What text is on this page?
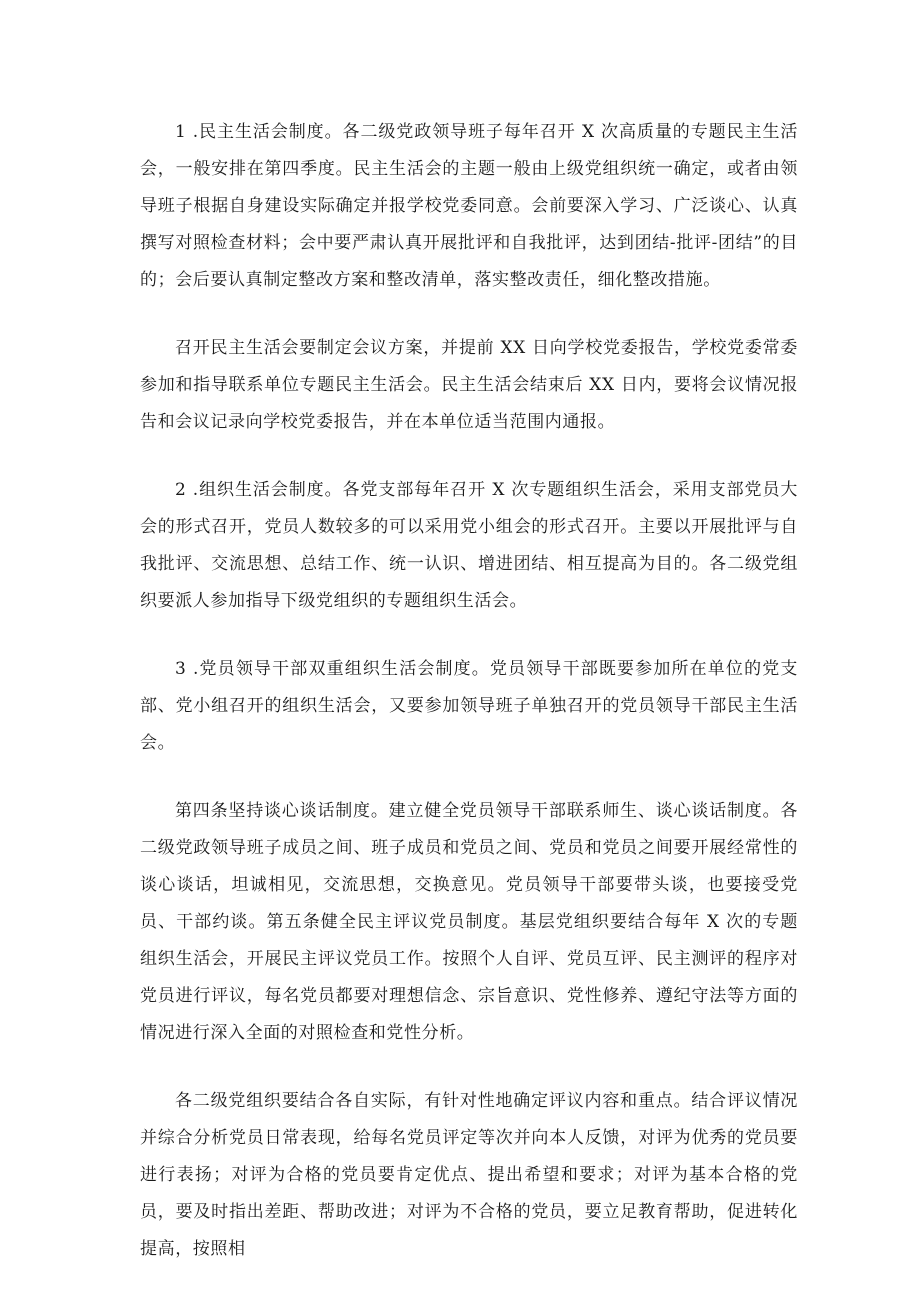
1 .民主生活会制度。各二级党政领导班子每年召开 X 次高质量的专题民主生活会，一般安排在第四季度。民主生活会的主题一般由上级党组织统一确定，或者由领导班子根据自身建设实际确定并报学校党委同意。会前要深入学习、广泛谈心、认真撰写对照检查材料；会中要严肃认真开展批评和自我批评，达到团结-批评-团结”的目的；会后要认真制定整改方案和整改清单，落实整改责任，细化整改措施。

召开民主生活会要制定会议方案，并提前 XX 日向学校党委报告，学校党委常委参加和指导联系单位专题民主生活会。民主生活会结束后 XX 日内，要将会议情况报告和会议记录向学校党委报告，并在本单位适当范围内通报。

2 .组织生活会制度。各党支部每年召开 X 次专题组织生活会，采用支部党员大会的形式召开，党员人数较多的可以采用党小组会的形式召开。主要以开展批评与自我批评、交流思想、总结工作、统一认识、增进团结、相互提高为目的。各二级党组织要派人参加指导下级党组织的专题组织生活会。

3 .党员领导干部双重组织生活会制度。党员领导干部既要参加所在单位的党支部、党小组召开的组织生活会，又要参加领导班子单独召开的党员领导干部民主生活会。

第四条坚持谈心谈话制度。建立健全党员领导干部联系师生、谈心谈话制度。各二级党政领导班子成员之间、班子成员和党员之间、党员和党员之间要开展经常性的谈心谈话，坦诚相见，交流思想，交换意见。党员领导干部要带头谈，也要接受党员、干部约谈。第五条健全民主评议党员制度。基层党组织要结合每年 X 次的专题组织生活会，开展民主评议党员工作。按照个人自评、党员互评、民主测评的程序对党员进行评议，每名党员都要对理想信念、宗旨意识、党性修养、遵纪守法等方面的情况进行深入全面的对照检查和党性分析。

各二级党组织要结合各自实际，有针对性地确定评议内容和重点。结合评议情况并综合分析党员日常表现，给每名党员评定等次并向本人反馈，对评为优秀的党员要进行表扬；对评为合格的党员要肯定优点、提出希望和要求；对评为基本合格的党员，要及时指出差距、帮助改进；对评为不合格的党员，要立足教育帮助，促进转化提高，按照相
